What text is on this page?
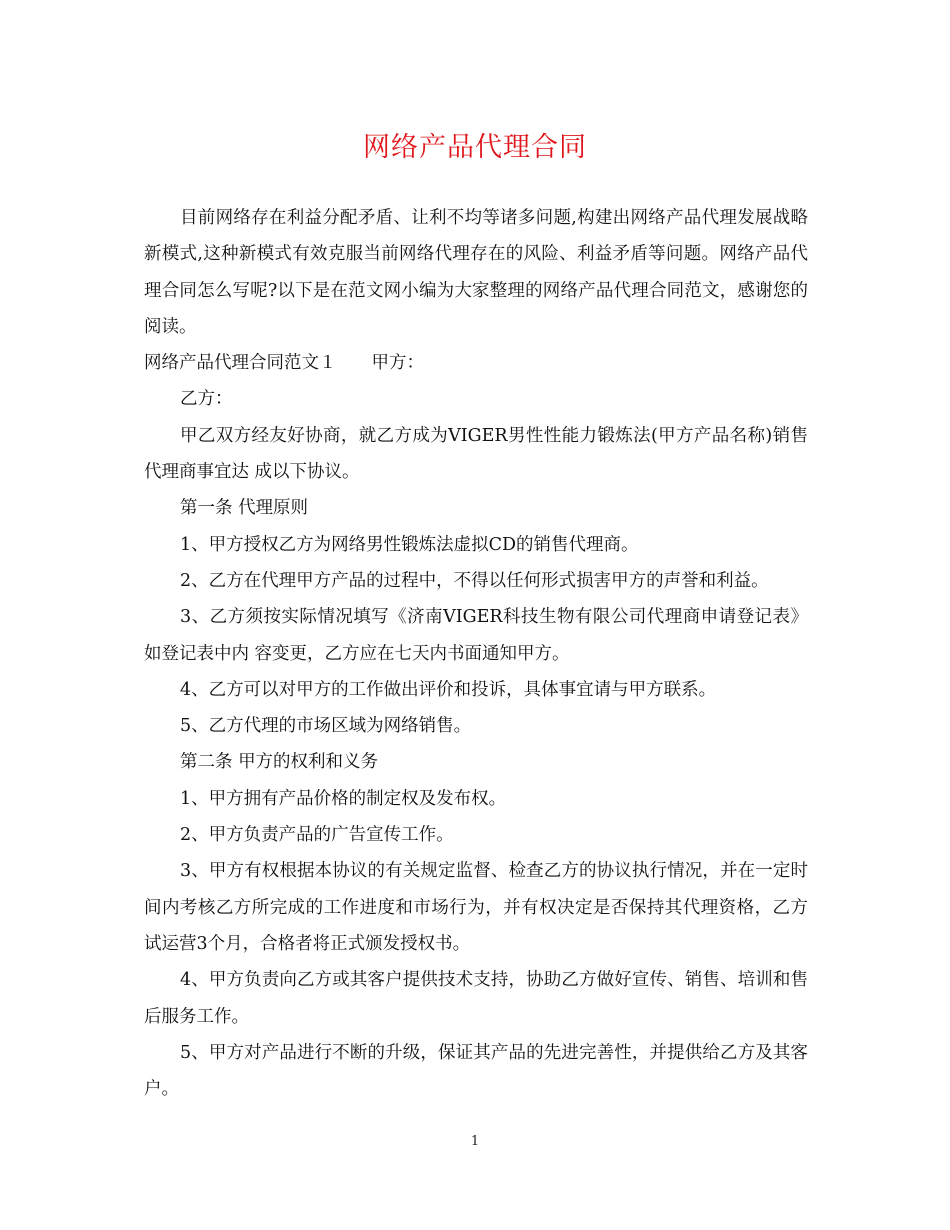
网络产品代理合同

目前网络存在利益分配矛盾、让利不均等诸多问题,构建出网络产品代理发展战略新模式,这种新模式有效克服当前网络代理存在的风险、利益矛盾等问题。网络产品代理合同怎么写呢?以下是在范文网小编为大家整理的网络产品代理合同范文，感谢您的阅读。

网络产品代理合同范文１　　甲方：

乙方：

甲乙双方经友好协商，就乙方成为VIGER男性性能力锻炼法(甲方产品名称)销售代理商事宜达 成以下协议。

第一条 代理原则

1、甲方授权乙方为网络男性锻炼法虚拟CD的销售代理商。

2、乙方在代理甲方产品的过程中，不得以任何形式损害甲方的声誉和利益。

3、乙方须按实际情况填写《济南VIGER科技生物有限公司代理商申请登记表》如登记表中内 容变更，乙方应在七天内书面通知甲方。

4、乙方可以对甲方的工作做出评价和投诉，具体事宜请与甲方联系。

5、乙方代理的市场区域为网络销售。

第二条 甲方的权利和义务

1、甲方拥有产品价格的制定权及发布权。

2、甲方负责产品的广告宣传工作。

3、甲方有权根据本协议的有关规定监督、检查乙方的协议执行情况，并在一定时间内考核乙方所完成的工作进度和市场行为，并有权决定是否保持其代理资格，乙方试运营3个月，合格者将正式颁发授权书。

4、甲方负责向乙方或其客户提供技术支持，协助乙方做好宣传、销售、培训和售后服务工作。

5、甲方对产品进行不断的升级，保证其产品的先进完善性，并提供给乙方及其客户。

1
